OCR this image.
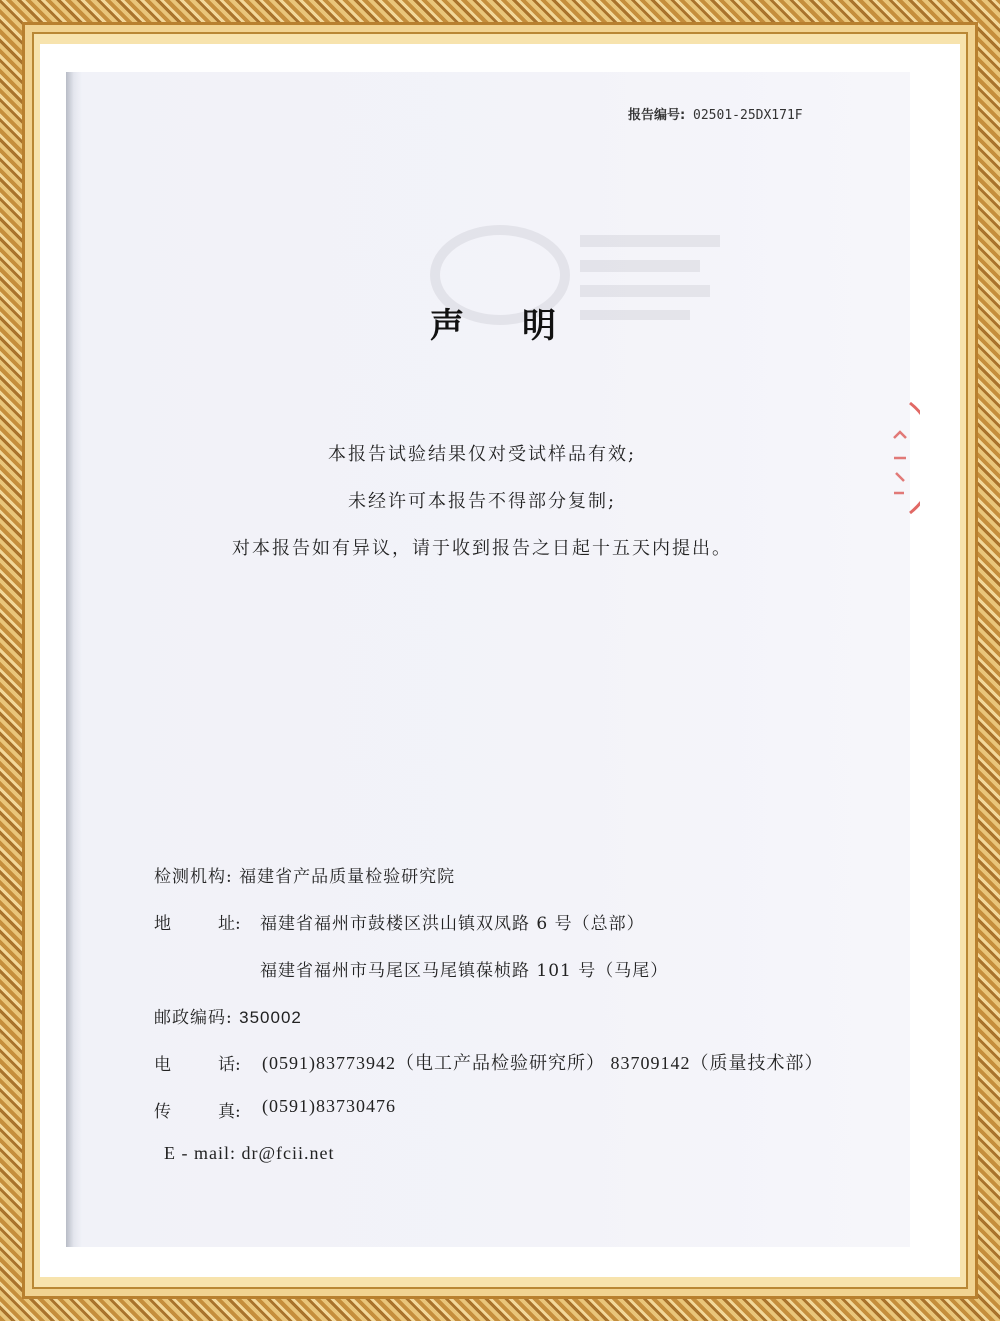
报告编号: 02501-25DX171F
声明
本报告试验结果仅对受试样品有效;
未经许可本报告不得部分复制;
对本报告如有异议，请于收到报告之日起十五天内提出。
检测机构: 福建省产品质量检验研究院
地	址: 福建省福州市鼓楼区洪山镇双凤路 6 号（总部）
福建省福州市马尾区马尾镇葆桢路 101 号（马尾）
邮政编码: 350002
电	话: (0591)83773942（电工产品检验研究所） 83709142（质量技术部）
传	真: (0591)83730476
E - mail: dr@fcii.net
